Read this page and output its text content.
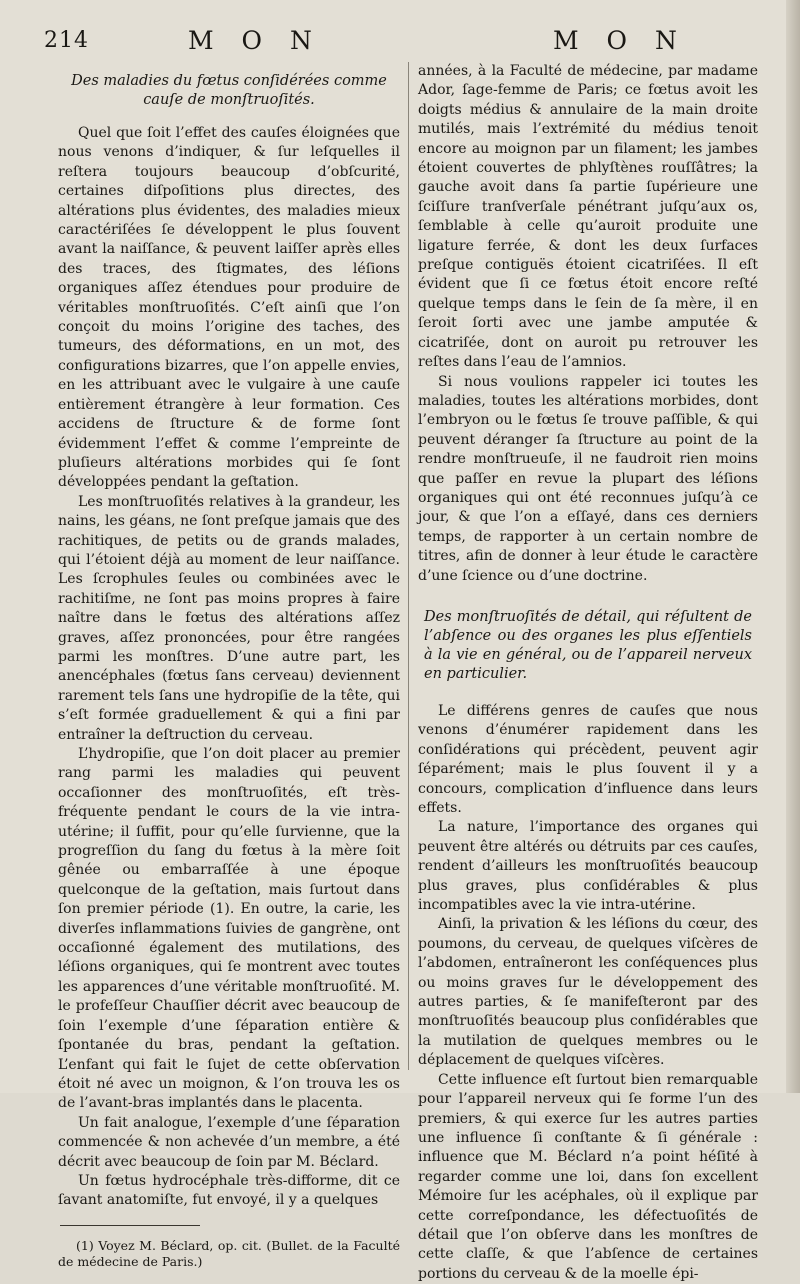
214	M O N	M O N
Des maladies du fœtus conſidérées comme cauſe de monſtruoſités.

Quel que ſoit l’effet des cauſes éloignées que nous venons d’indiquer, & ſur leſquelles il reſtera toujours beaucoup d’obſcurité, certaines diſpoſitions plus directes, des altérations plus évidentes, des maladies mieux caractériſées ſe développent le plus ſouvent avant la naiſſance, & peuvent laiſſer après elles des traces, des ſtigmates, des léſions organiques aſſez étendues pour produire de véritables monſtruoſités. C’eſt ainſi que l’on conçoit du moins l’origine des taches, des tumeurs, des déformations, en un mot, des configurations bizarres, que l’on appelle envies, en les attribuant avec le vulgaire à une cauſe entièrement étrangère à leur formation. Ces accidens de ſtructure & de forme ſont évidemment l’effet & comme l’empreinte de pluſieurs altérations morbides qui ſe ſont développées pendant la geſtation.

Les monſtruoſités relatives à la grandeur, les nains, les géans, ne ſont preſque jamais que des rachitiques, de petits ou de grands malades, qui l’étoient déjà au moment de leur naiſſance. Les ſcrophules ſeules ou combinées avec le rachitiſme, ne ſont pas moins propres à faire naître dans le fœtus des altérations aſſez graves, aſſez prononcées, pour être rangées parmi les monſtres. D’une autre part, les anencéphales (fœtus ſans cerveau) deviennent rarement tels ſans une hydropiſie de la tête, qui s’eſt formée graduellement & qui a fini par entraîner la deſtruction du cerveau.

L’hydropiſie, que l’on doit placer au premier rang parmi les maladies qui peuvent occaſionner des monſtruoſités, eſt très-fréquente pendant le cours de la vie intra-utérine; il ſuffit, pour qu’elle ſurvienne, que la progreſſion du ſang du fœtus à la mère ſoit gênée ou embarraſſée à une époque quelconque de la geſtation, mais ſurtout dans ſon premier période (1). En outre, la carie, les diverſes inflammations ſuivies de gangrène, ont occaſionné également des mutilations, des léſions organiques, qui ſe montrent avec toutes les apparences d’une véritable monſtruoſité. M. le profeſſeur Chauſſier décrit avec beaucoup de ſoin l’exemple d’une ſéparation entière & ſpontanée du bras, pendant la geſtation. L’enfant qui fait le ſujet de cette obſervation étoit né avec un moignon, & l’on trouva les os de l’avant-bras implantés dans le placenta.

Un fait analogue, l’exemple d’une ſéparation commencée & non achevée d’un membre, a été décrit avec beaucoup de ſoin par M. Béclard.

Un fœtus hydrocéphale très-difforme, dit ce ſavant anatomiſte, fut envoyé, il y a quelques

(1) Voyez M. Béclard, op. cit. (Bullet. de la Faculté de médecine de Paris.)

années, à la Faculté de médecine, par madame Ador, ſage-femme de Paris; ce fœtus avoit les doigts médius & annulaire de la main droite mutilés, mais l’extrémité du médius tenoit encore au moignon par un filament; les jambes étoient couvertes de phlyſtènes rouſſâtres; la gauche avoit dans ſa partie ſupérieure une ſciſſure tranſverſale pénétrant juſqu’aux os, ſemblable à celle qu’auroit produite une ligature ferrée, & dont les deux ſurfaces preſque contiguës étoient cicatriſées. Il eſt évident que ſi ce fœtus étoit encore reſté quelque temps dans le ſein de ſa mère, il en ſeroit ſorti avec une jambe amputée & cicatriſée, dont on auroit pu retrouver les reſtes dans l’eau de l’amnios.

Si nous voulions rappeler ici toutes les maladies, toutes les altérations morbides, dont l’embryon ou le fœtus ſe trouve paſſible, & qui peuvent déranger ſa ſtructure au point de la rendre monſtrueuſe, il ne faudroit rien moins que paſſer en revue la plupart des léſions organiques qui ont été reconnues juſqu’à ce jour, & que l’on a eſſayé, dans ces derniers temps, de rapporter à un certain nombre de titres, afin de donner à leur étude le caractère d’une ſcience ou d’une doctrine.

Des monſtruoſités de détail, qui réſultent de l’abſence ou des organes les plus eſſentiels à la vie en général, ou de l’appareil nerveux en particulier.

Le différens genres de cauſes que nous venons d’énumérer rapidement dans les conſidérations qui précèdent, peuvent agir ſéparément; mais le plus ſouvent il y a concours, complication d’influence dans leurs effets.

La nature, l’importance des organes qui peuvent être altérés ou détruits par ces cauſes, rendent d’ailleurs les monſtruoſités beaucoup plus graves, plus conſidérables & plus incompatibles avec la vie intra-utérine.

Ainſi, la privation & les léſions du cœur, des poumons, du cerveau, de quelques viſcères de l’abdomen, entraîneront les conſéquences plus ou moins graves ſur le développement des autres parties, & ſe manifeſteront par des monſtruoſités beaucoup plus conſidérables que la mutilation de quelques membres ou le déplacement de quelques viſcères.

Cette influence eſt ſurtout bien remarquable pour l’appareil nerveux qui ſe forme l’un des premiers, & qui exerce ſur les autres parties une influence ſi conſtante & ſi générale : influence que M. Béclard n’a point héſité à regarder comme une loi, dans ſon excellent Mémoire ſur les acéphales, où il explique par cette correſpondance, les défectuoſités de détail que l’on obſerve dans les monſtres de cette claſſe, & que l’abſence de certaines portions du cerveau & de la moelle épi-
